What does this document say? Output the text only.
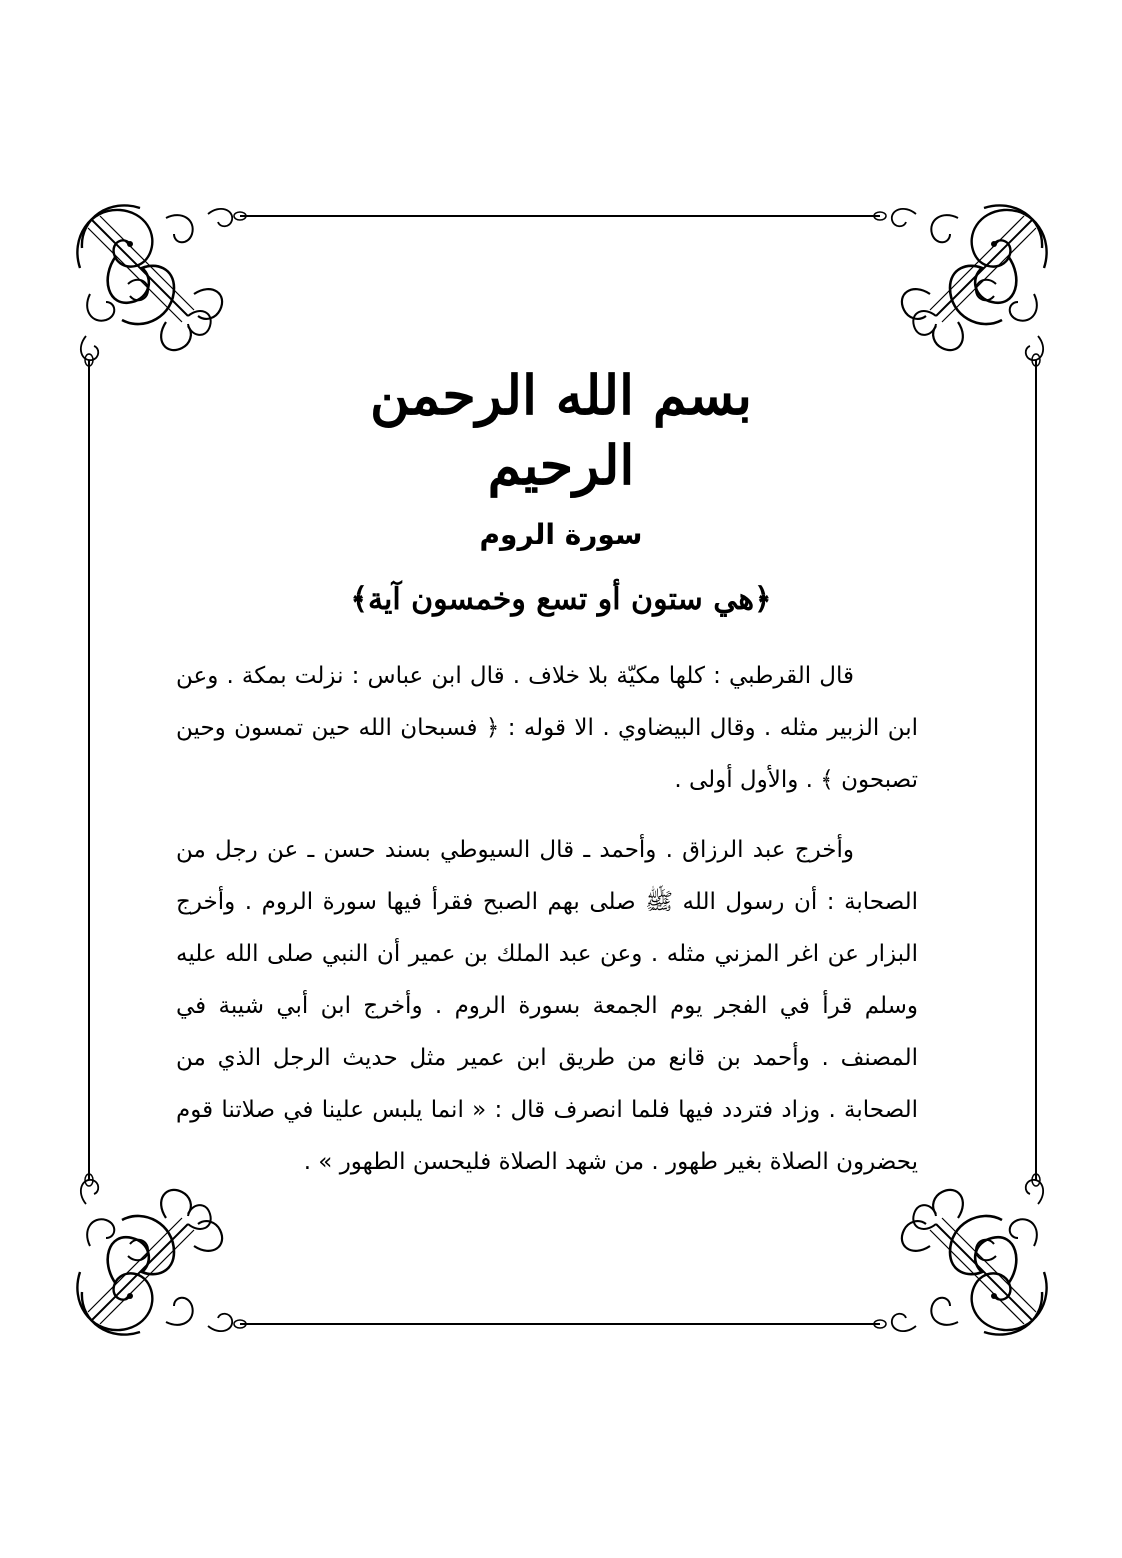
بسم الله الرحمن الرحيم
سورة الروم
﴿هي ستون أو تسع وخمسون آية﴾

قال القرطبي : كلها مكيّة بلا خلاف . قال ابن عباس : نزلت بمكة . وعن ابن الزبير مثله . وقال البيضاوي . الا قوله : ﴿ فسبحان الله حين تمسون وحين تصبحون ﴾ . والأول أولى .

وأخرج عبد الرزاق . وأحمد ـ قال السيوطي بسند حسن ـ عن رجل من الصحابة : أن رسول الله ﷺ صلى بهم الصبح فقرأ فيها سورة الروم . وأخرج البزار عن اغر المزني مثله . وعن عبد الملك بن عمير أن النبي صلى الله عليه وسلم قرأ في الفجر يوم الجمعة بسورة الروم . وأخرج ابن أبي شيبة في المصنف . وأحمد بن قانع من طريق ابن عمير مثل حديث الرجل الذي من الصحابة . وزاد فتردد فيها فلما انصرف قال : « انما يلبس علينا في صلاتنا قوم يحضرون الصلاة بغير طهور . من شهد الصلاة فليحسن الطهور » .
